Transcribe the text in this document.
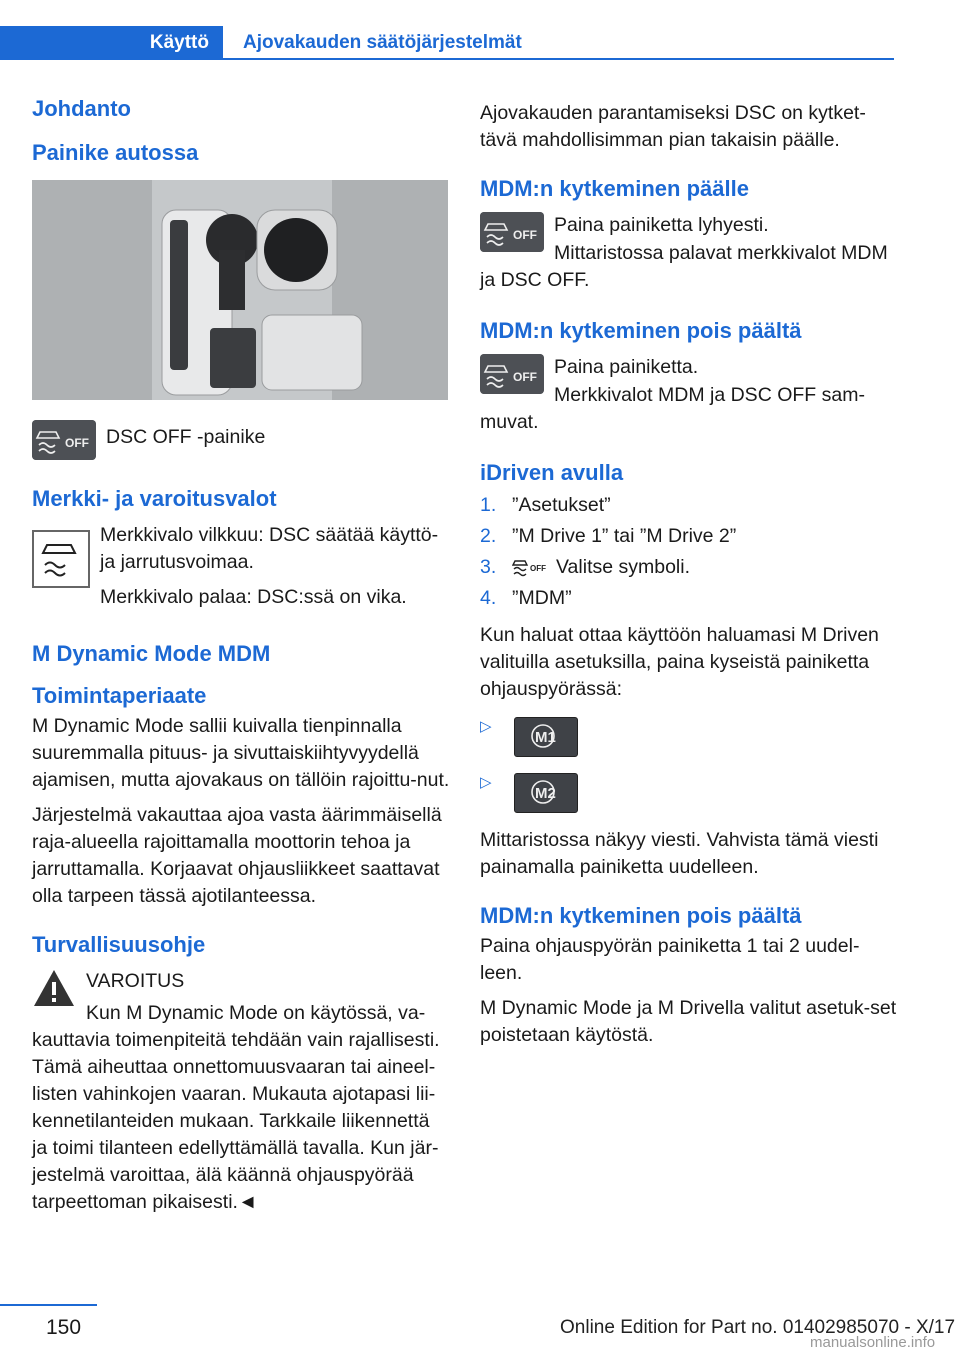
Käyttö	Ajovakauden säätöjärjestelmät
Johdanto
Painike autossa
OFF DSC OFF -painike
Merkki- ja varoitusvalot

Merkkivalo vilkkuu: DSC säätää käyttö-ja jarrutusvoimaa.

Merkkivalo palaa: DSC:ssä on vika.

M Dynamic Mode MDM
Toimintaperiaate

M Dynamic Mode sallii kuivalla tienpinnalla suuremmalla pituus- ja sivuttaiskiihtyvyydellä ajamisen, mutta ajovakaus on tällöin rajoittu-nut.

Järjestelmä vakauttaa ajoa vasta äärimmäisellä raja-alueella rajoittamalla moottorin tehoa ja jarruttamalla. Korjaavat ohjausliikkeet saattavat olla tarpeen tässä ajotilanteessa.

Turvallisuusohje

VAROITUS

Kun M Dynamic Mode on käytössä, va-kauttavia toimenpiteitä tehdään vain rajallisesti. Tämä aiheuttaa onnettomuusvaaran tai aineel-listen vahinkojen vaaran. Mukauta ajotapasi lii-kennetilanteiden mukaan. Tarkkaile liikennettä ja toimi tilanteen edellyttämällä tavalla. Kun jär-jestelmä varoittaa, älä käännä ohjauspyörää tarpeettoman pikaisesti.◄

Ajovakauden parantamiseksi DSC on kytket-tävä mahdollisimman pian takaisin päälle.

MDM:n kytkeminen päälle
OFF Paina painiketta lyhyesti.

Mittaristossa palavat merkkivalot MDM ja DSC OFF.

MDM:n kytkeminen pois päältä
OFF Paina painiketta.

Merkkivalot MDM ja DSC OFF sam-muvat.

iDriven avulla
1. ”Asetukset”
2. ”M Drive 1” tai ”M Drive 2”
3.	OFF Valitse symboli.
4. ”MDM”

Kun haluat ottaa käyttöön haluamasi M Driven valituilla asetuksilla, paina kyseistä painiketta ohjauspyörässä:

▷
M1
▷
M2

Mittaristossa näkyy viesti. Vahvista tämä viesti painamalla painiketta uudelleen.

MDM:n kytkeminen pois päältä

Paina ohjauspyörän painiketta 1 tai 2 uudel-leen.

M Dynamic Mode ja M Drivella valitut asetuk-set poistetaan käytöstä.

150	Online Edition for Part no. 01402985070 - X/17
manualsonline.info
